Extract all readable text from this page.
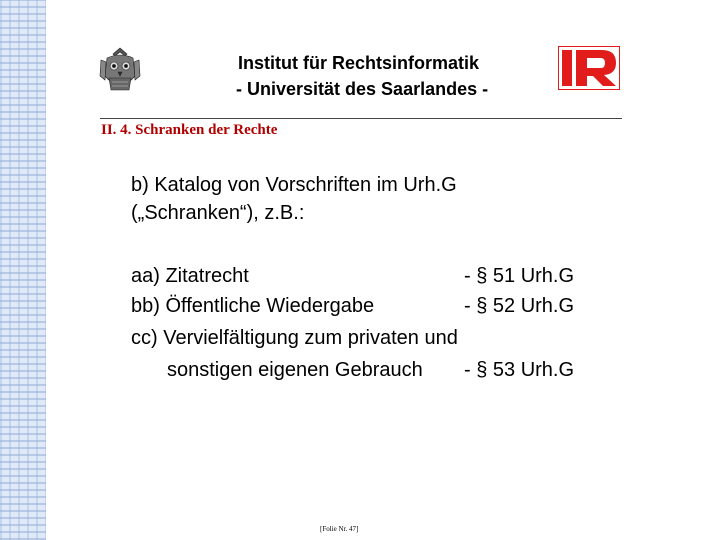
Institut für Rechtsinformatik
- Universität des Saarlandes -
II. 4. Schranken der Rechte
b) Katalog von Vorschriften im Urh.G
(„Schranken“), z.B.:
aa) Zitatrecht	- § 51 Urh.G
bb) Öffentliche Wiedergabe	- § 52 Urh.G
cc) Vervielfältigung zum privaten und
sonstigen eigenen Gebrauch - § 53 Urh.G
[Folie Nr. 47]
